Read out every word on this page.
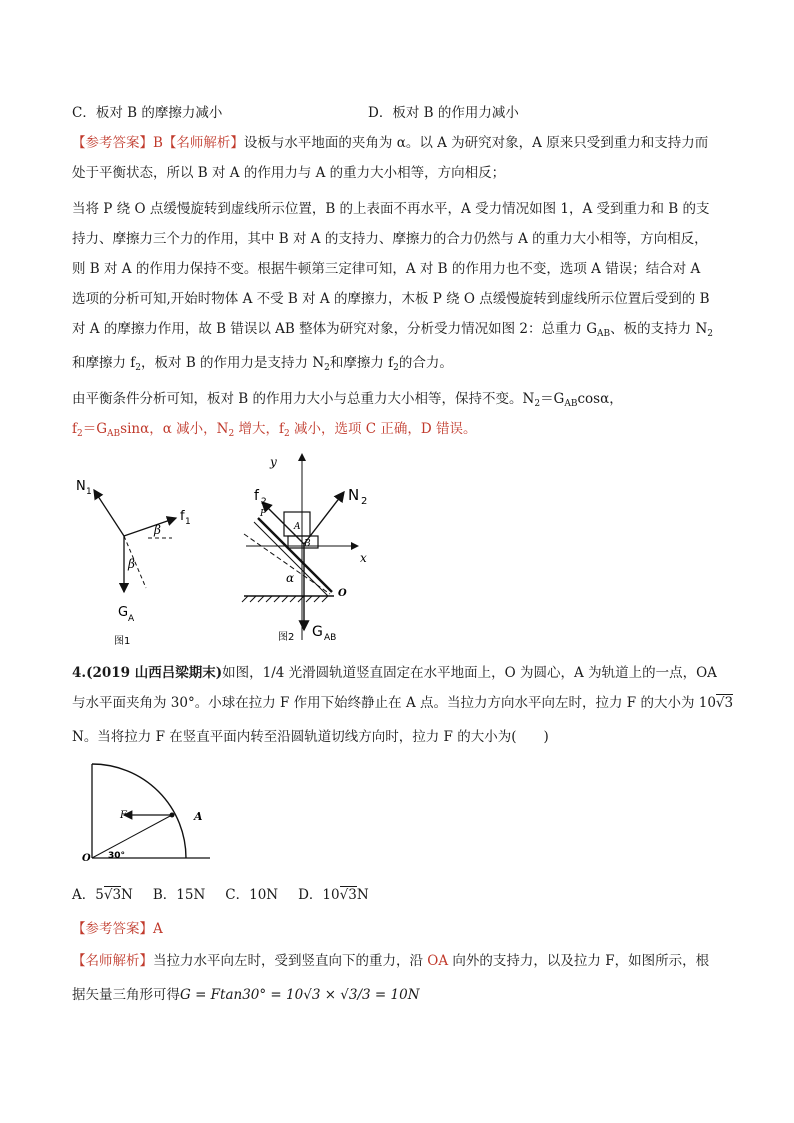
C．板对 B 的摩擦力减小	D．板对 B 的作用力减小
【参考答案】B【名师解析】设板与水平地面的夹角为 α。以 A 为研究对象，A 原来只受到重力和支持力而
处于平衡状态，所以 B 对 A 的作用力与 A 的重力大小相等，方向相反；
当将 P 绕 O 点缓慢旋转到虚线所示位置，B 的上表面不再水平，A 受力情况如图 1，A 受到重力和 B 的支
持力、摩擦力三个力的作用，其中 B 对 A 的支持力、摩擦力的合力仍然与 A 的重力大小相等，方向相反，
则 B 对 A 的作用力保持不变。根据牛顿第三定律可知，A 对 B 的作用力也不变，选项 A 错误；结合对 A
选项的分析可知,开始时物体 A 不受 B 对 A 的摩擦力，木板 P 绕 O 点缓慢旋转到虚线所示位置后受到的 B
对 A 的摩擦力作用，故 B 错误以 AB 整体为研究对象，分析受力情况如图 2：总重力 $G_{AB}$、板的支持力 $N_2$
和摩擦力 $f_2$，板对 B 的作用力是支持力 $N_2$和摩擦力 $f_2$的合力。
由平衡条件分析可知，板对 B 的作用力大小与总重力大小相等，保持不变。$N_2=G_{AB}\cos\alpha$，
$f_2=G_{AB}\sin\alpha$，α 减小，$N_2$ 增大，$f_2$ 减小，选项 C 正确，D 错误。
N 1
f 1
β
β
G A
图1
y
x
A
B
P
f 2	N 2
α
O
G AB
图2
4.(2019 山西吕梁期末)如图，1/4 光滑圆轨道竖直固定在水平地面上，O 为圆心，A 为轨道上的一点，OA
与水平面夹角为 30°。小球在拉力 F 作用下始终静止在 A 点。当拉力方向水平向左时，拉力 F 的大小为 10√3
N。当将拉力 F 在竖直平面内转至沿圆轨道切线方向时，拉力 F 的大小为(　　)
F	A
O 30°
A．5√3N B．15N C．10N D．10√3N
【参考答案】A
【名师解析】当拉力水平向左时，受到竖直向下的重力，沿 OA 向外的支持力，以及拉力 F，如图所示，根
据矢量三角形可得G = Ftan30° = 10√3 × √3/3 = 10N
